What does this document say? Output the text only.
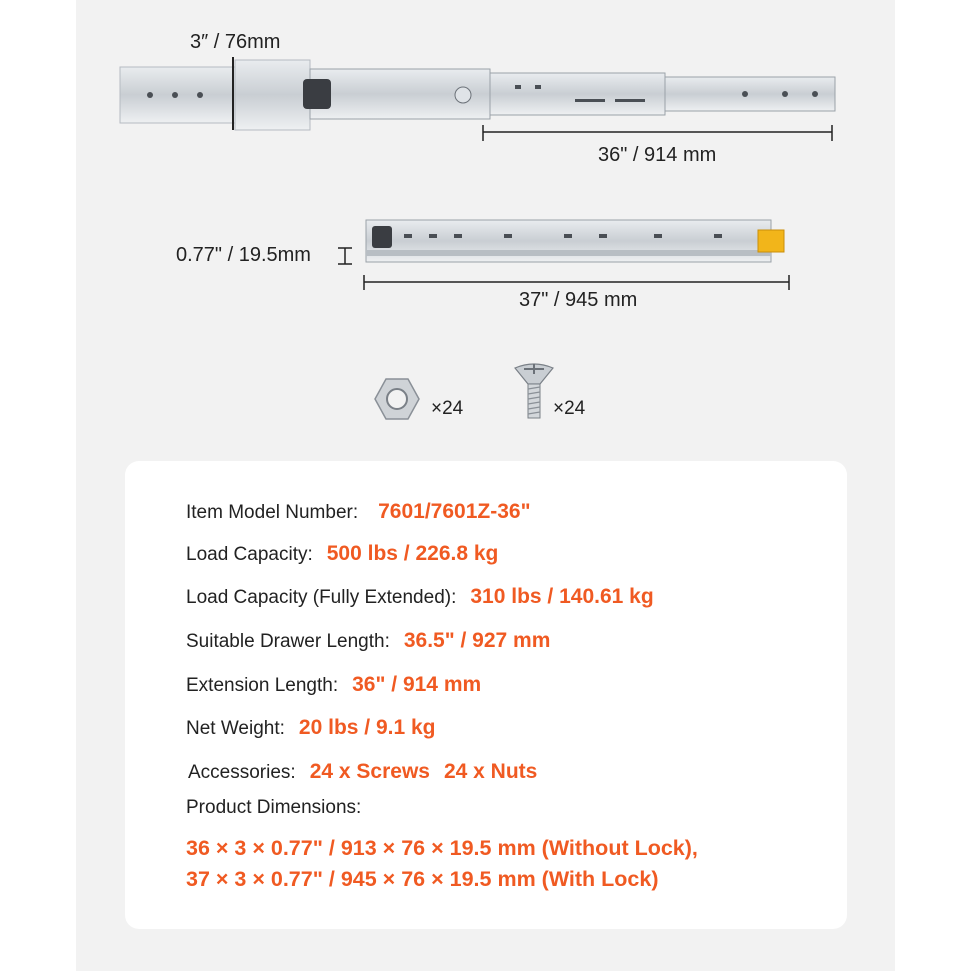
3″ / 76mm
36" / 914 mm
0.77" / 19.5mm
37" / 945 mm
×24	×24
Item Model Number: 7601/7601Z-36"
Load Capacity: 500 lbs / 226.8 kg
Load Capacity (Fully Extended): 310 lbs / 140.61 kg
Suitable Drawer Length: 36.5" / 927 mm
Extension Length: 36" / 914 mm
Net Weight: 20 lbs / 9.1 kg
Accessories: 24 x Screws 24 x Nuts
Product Dimensions:
36 × 3 × 0.77" / 913 × 76 × 19.5 mm (Without Lock),
37 × 3 × 0.77" / 945 × 76 × 19.5 mm (With Lock)
